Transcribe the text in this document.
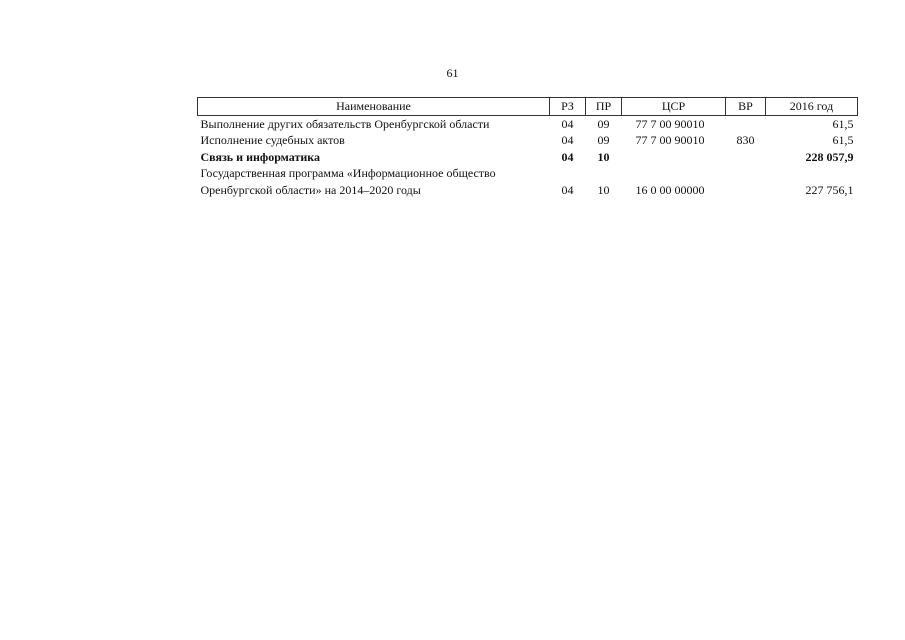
61
Наименование	РЗ	ПР	ЦСР	ВР	2016 год
Выполнение других обязательств Оренбургской области	04	09	77 7 00 90010		61,5
Исполнение судебных актов	04	09	77 7 00 90010	830	61,5
Связь и информатика	04	10			228 057,9
Государственная программа «Информационное общество Оренбургской области» на 2014–2020 годы	04	10	16 0 00 00000		227 756,1
